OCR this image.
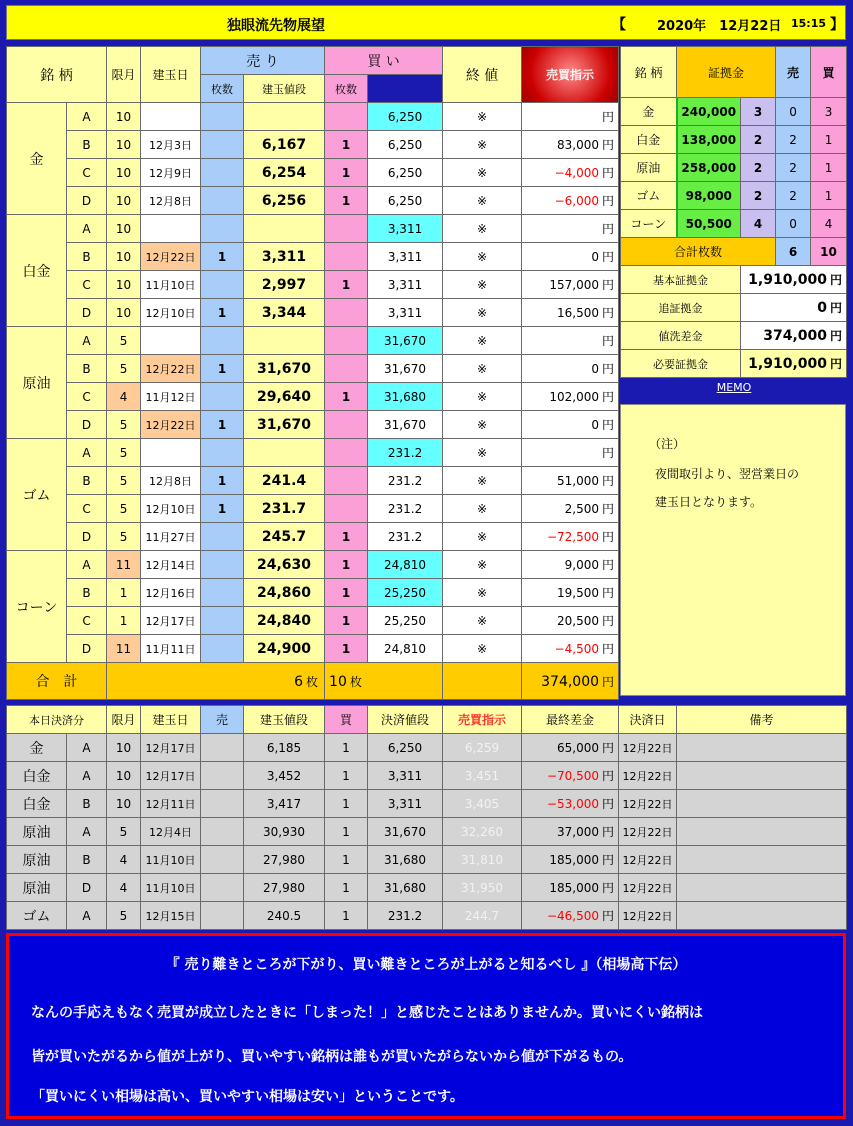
独眼流先物展望	【 2020年　12月22日 15:15 】
銘 柄		限月	建玉日	売 り		買 い		終 値	売買指示	
				枚数	建玉値段	枚数				
金	A	10					6,250	※	円	
	B	10	12月3日		6,167	1	6,250	※	83,000 円	
	C	10	12月9日		6,254	1	6,250	※	−4,000 円	
	D	10	12月8日		6,256	1	6,250	※	−6,000 円	
白金	A	10					3,311	※	円	
	B	10	12月22日	1	3,311		3,311	※	0 円	
	C	10	11月10日		2,997	1	3,311	※	157,000 円	
	D	10	12月10日	1	3,344		3,311	※	16,500 円	
原油	A	5					31,670	※	円	
	B	5	12月22日	1	31,670		31,670	※	0 円	
	C	4	11月12日		29,640	1	31,680	※	102,000 円	
	D	5	12月22日	1	31,670		31,670	※	0 円	
ゴム	A	5					231.2	※	円	
	B	5	12月8日	1	241.4		231.2	※	51,000 円	
	C	5	12月10日	1	231.7		231.2	※	2,500 円	
	D	5	11月27日		245.7	1	231.2	※	−72,500 円	
コーン	A	11	12月14日		24,630	1	24,810	※	9,000 円	
	B	1	12月16日		24,860	1	25,250	※	19,500 円	
	C	1	12月17日		24,840	1	25,250	※	20,500 円	
	D	11	11月11日		24,900	1	24,810	※	−4,500 円	
合　計		6 枚				10 枚			374,000 円	
銘 柄	証拠金		売	買
金	240,000	3	0	3
白金	138,000	2	2	1
原油	258,000	2	2	1
ゴム	98,000	2	2	1
コーン	50,500	4	0	4
合計枚数			6	10
基本証拠金		1,910,000 円		
追証拠金		0 円		
値洗差金		374,000 円		
必要証拠金		1,910,000 円		
MEMO
（注）
夜間取引より、翌営業日の
建玉日となります。
本日決済分		限月	建玉日	売	建玉値段	買	決済値段	売買指示	最終差金	決済日	備考
金	A	10	12月17日		6,185	1	6,250	6,259	65,000 円	12月22日	
白金	A	10	12月17日		3,452	1	3,311	3,451	−70,500 円	12月22日	
白金	B	10	12月11日		3,417	1	3,311	3,405	−53,000 円	12月22日	
原油	A	5	12月4日		30,930	1	31,670	32,260	37,000 円	12月22日	
原油	B	4	11月10日		27,980	1	31,680	31,810	185,000 円	12月22日	
原油	D	4	11月10日		27,980	1	31,680	31,950	185,000 円	12月22日	
ゴム	A	5	12月15日		240.5	1	231.2	244.7	−46,500 円	12月22日	
『 売り難きところが下がり、買い難きところが上がると知るべし 』（相場高下伝）
なんの手応えもなく売買が成立したときに「しまった！」と感じたことはありませんか。買いにくい銘柄は
皆が買いたがるから値が上がり、買いやすい銘柄は誰もが買いたがらないから値が下がるもの。
「買いにくい相場は高い、買いやすい相場は安い」ということです。
